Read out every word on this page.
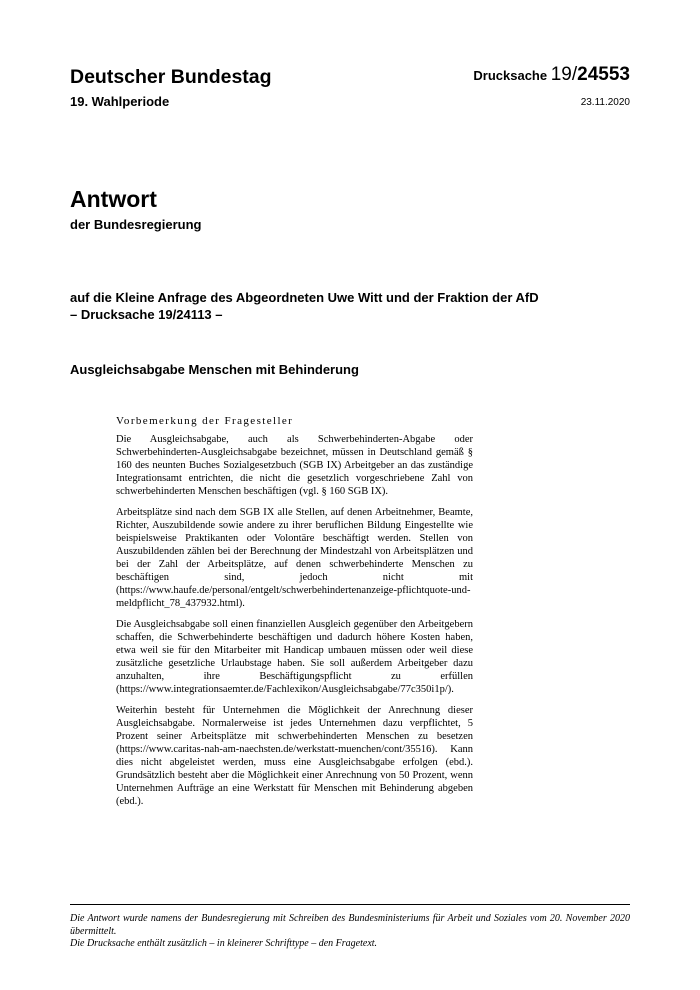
Deutscher Bundestag
19. Wahlperiode
Drucksache 19/24553
23.11.2020
Antwort
der Bundesregierung
auf die Kleine Anfrage des Abgeordneten Uwe Witt und der Fraktion der AfD
– Drucksache 19/24113 –
Ausgleichsabgabe Menschen mit Behinderung
Vorbemerkung der Fragesteller

Die Ausgleichsabgabe, auch als Schwerbehinderten-Abgabe oder Schwerbehinderten-Ausgleichsabgabe bezeichnet, müssen in Deutschland gemäß § 160 des neunten Buches Sozialgesetzbuch (SGB IX) Arbeitgeber an das zuständige Integrationsamt entrichten, die nicht die gesetzlich vorgeschriebene Zahl von schwerbehinderten Menschen beschäftigen (vgl. § 160 SGB IX).

Arbeitsplätze sind nach dem SGB IX alle Stellen, auf denen Arbeitnehmer, Beamte, Richter, Auszubildende sowie andere zu ihrer beruflichen Bildung Eingestellte wie beispielsweise Praktikanten oder Volontäre beschäftigt werden. Stellen von Auszubildenden zählen bei der Berechnung der Mindestzahl von Arbeitsplätzen und bei der Zahl der Arbeitsplätze, auf denen schwerbehinderte Menschen zu beschäftigen sind, jedoch nicht mit (https://www.haufe.de/personal/entgelt/schwerbehindertenanzeige-pflichtquote-und-meldpflicht_78_437932.html).

Die Ausgleichsabgabe soll einen finanziellen Ausgleich gegenüber den Arbeitgebern schaffen, die Schwerbehinderte beschäftigen und dadurch höhere Kosten haben, etwa weil sie für den Mitarbeiter mit Handicap umbauen müssen oder weil diese zusätzliche gesetzliche Urlaubstage haben. Sie soll außerdem Arbeitgeber dazu anzuhalten, ihre Beschäftigungspflicht zu erfüllen (https://www.integrationsaemter.de/Fachlexikon/Ausgleichsabgabe/77c350i1p/).

Weiterhin besteht für Unternehmen die Möglichkeit der Anrechnung dieser Ausgleichsabgabe. Normalerweise ist jedes Unternehmen dazu verpflichtet, 5 Prozent seiner Arbeitsplätze mit schwerbehinderten Menschen zu besetzen (https://www.caritas-nah-am-naechsten.de/werkstatt-muenchen/cont/35516). Kann dies nicht abgeleistet werden, muss eine Ausgleichsabgabe erfolgen (ebd.). Grundsätzlich besteht aber die Möglichkeit einer Anrechnung von 50 Prozent, wenn Unternehmen Aufträge an eine Werkstatt für Menschen mit Behinderung abgeben (ebd.).

Die Antwort wurde namens der Bundesregierung mit Schreiben des Bundesministeriums für Arbeit und Soziales vom 20. November 2020 übermittelt.

Die Drucksache enthält zusätzlich – in kleinerer Schrifttype – den Fragetext.
